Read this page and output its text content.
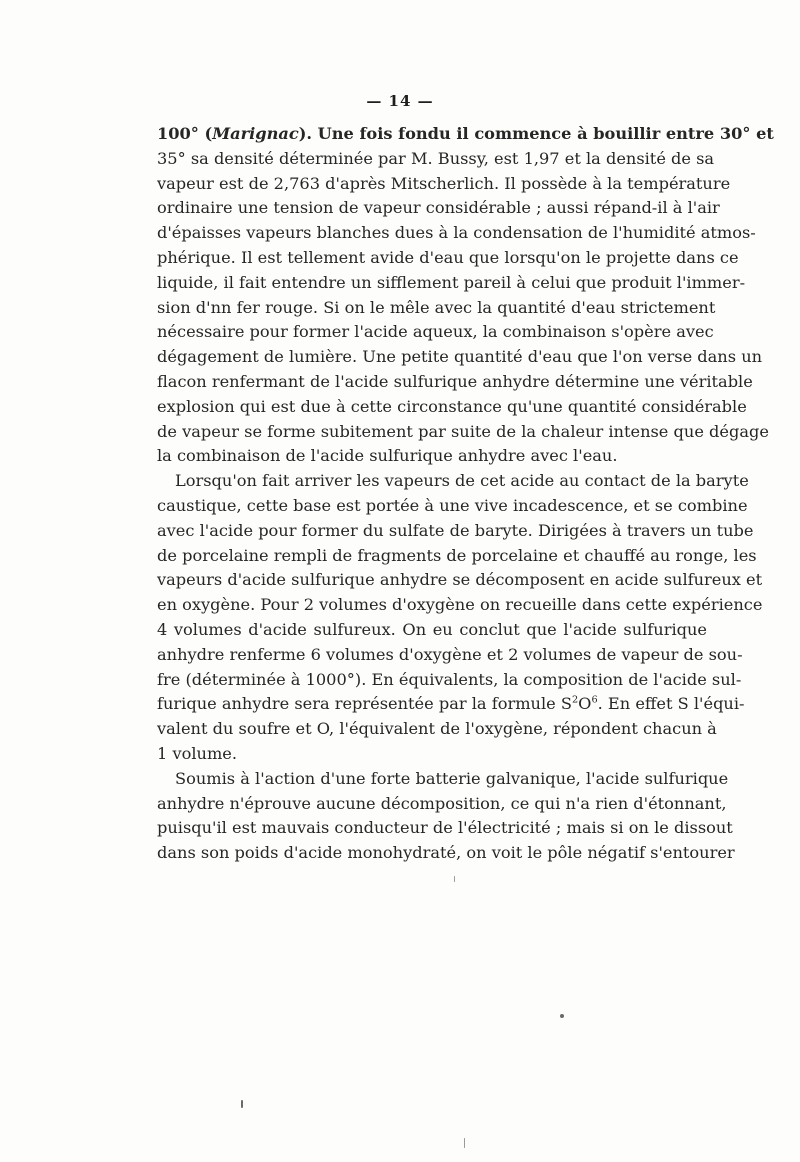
— 14 —
100° (Marignac). Une fois fondu il commence à bouillir entre 30° et
35° sa densité déterminée par M. Bussy, est 1,97 et la densité de sa
vapeur est de 2,763 d'après Mitscherlich. Il possède à la température
ordinaire une tension de vapeur considérable ; aussi répand-il à l'air
d'épaisses vapeurs blanches dues à la condensation de l'humidité atmos-
phérique. Il est tellement avide d'eau que lorsqu'on le projette dans ce
liquide, il fait entendre un sifflement pareil à celui que produit l'immer-
sion d'nn fer rouge. Si on le mêle avec la quantité d'eau strictement
nécessaire pour former l'acide aqueux, la combinaison s'opère avec
dégagement de lumière. Une petite quantité d'eau que l'on verse dans un
flacon renfermant de l'acide sulfurique anhydre détermine une véritable
explosion qui est due à cette circonstance qu'une quantité considérable
de vapeur se forme subitement par suite de la chaleur intense que dégage
la combinaison de l'acide sulfurique anhydre avec l'eau.
Lorsqu'on fait arriver les vapeurs de cet acide au contact de la baryte
caustique, cette base est portée à une vive incadescence, et se combine
avec l'acide pour former du sulfate de baryte. Dirigées à travers un tube
de porcelaine rempli de fragments de porcelaine et chauffé au ronge, les
vapeurs d'acide sulfurique anhydre se décomposent en acide sulfureux et
en oxygène. Pour 2 volumes d'oxygène on recueille dans cette expérience
4 volumes d'acide sulfureux. On eu conclut que l'acide sulfurique
anhydre renferme 6 volumes d'oxygène et 2 volumes de vapeur de sou-
fre (déterminée à 1000°). En équivalents, la composition de l'acide sul-
furique anhydre sera représentée par la formule $S^2O^6$. En effet S l'équi-
valent du soufre et O, l'équivalent de l'oxygène, répondent chacun à
1 volume.
Soumis à l'action d'une forte batterie galvanique, l'acide sulfurique
anhydre n'éprouve aucune décomposition, ce qui n'a rien d'étonnant,
puisqu'il est mauvais conducteur de l'électricité ; mais si on le dissout
dans son poids d'acide monohydraté, on voit le pôle négatif s'entourer
